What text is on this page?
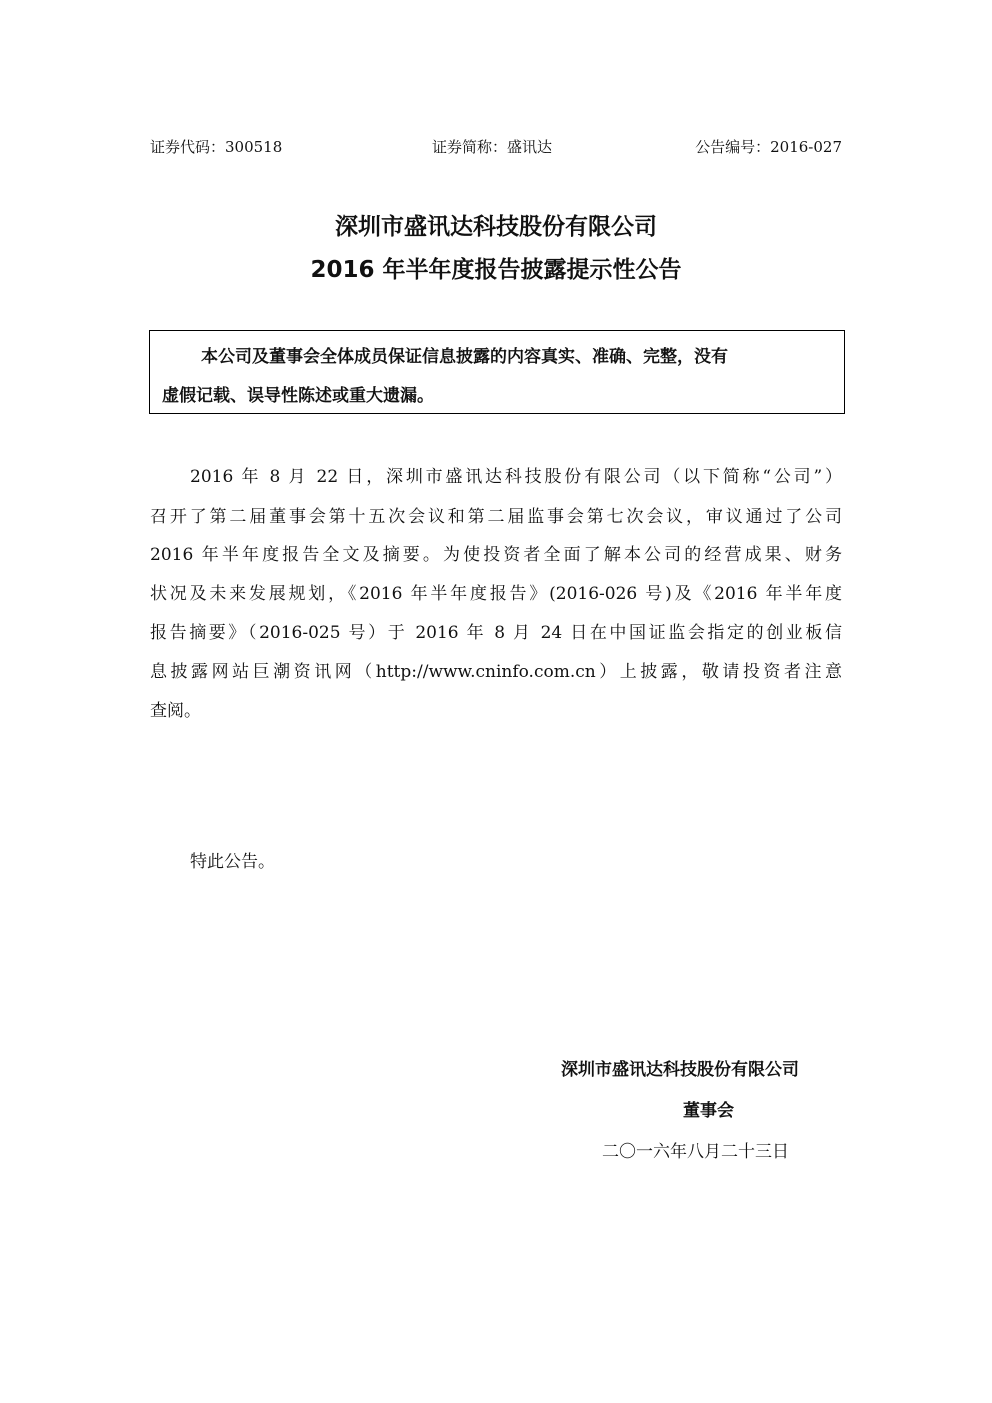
证券代码：300518	证券简称：盛讯达	公告编号：2016-027
深圳市盛讯达科技股份有限公司
2016 年半年度报告披露提示性公告
本公司及董事会全体成员保证信息披露的内容真实、准确、完整，没有
虚假记载、误导性陈述或重大遗漏。
2016 年 8 月 22 日，深圳市盛讯达科技股份有限公司（以下简称“公司”）
召开了第二届董事会第十五次会议和第二届监事会第七次会议，审议通过了公司
2016 年半年度报告全文及摘要。为使投资者全面了解本公司的经营成果、财务
状况及未来发展规划，《2016 年半年度报告》(2016-026 号)及《2016 年半年度
报告摘要》（2016-025 号）于 2016 年 8 月 24 日在中国证监会指定的创业板信
息披露网站巨潮资讯网（http://www.cninfo.com.cn）上披露，敬请投资者注意
查阅。
特此公告。
深圳市盛讯达科技股份有限公司
董事会
二〇一六年八月二十三日
